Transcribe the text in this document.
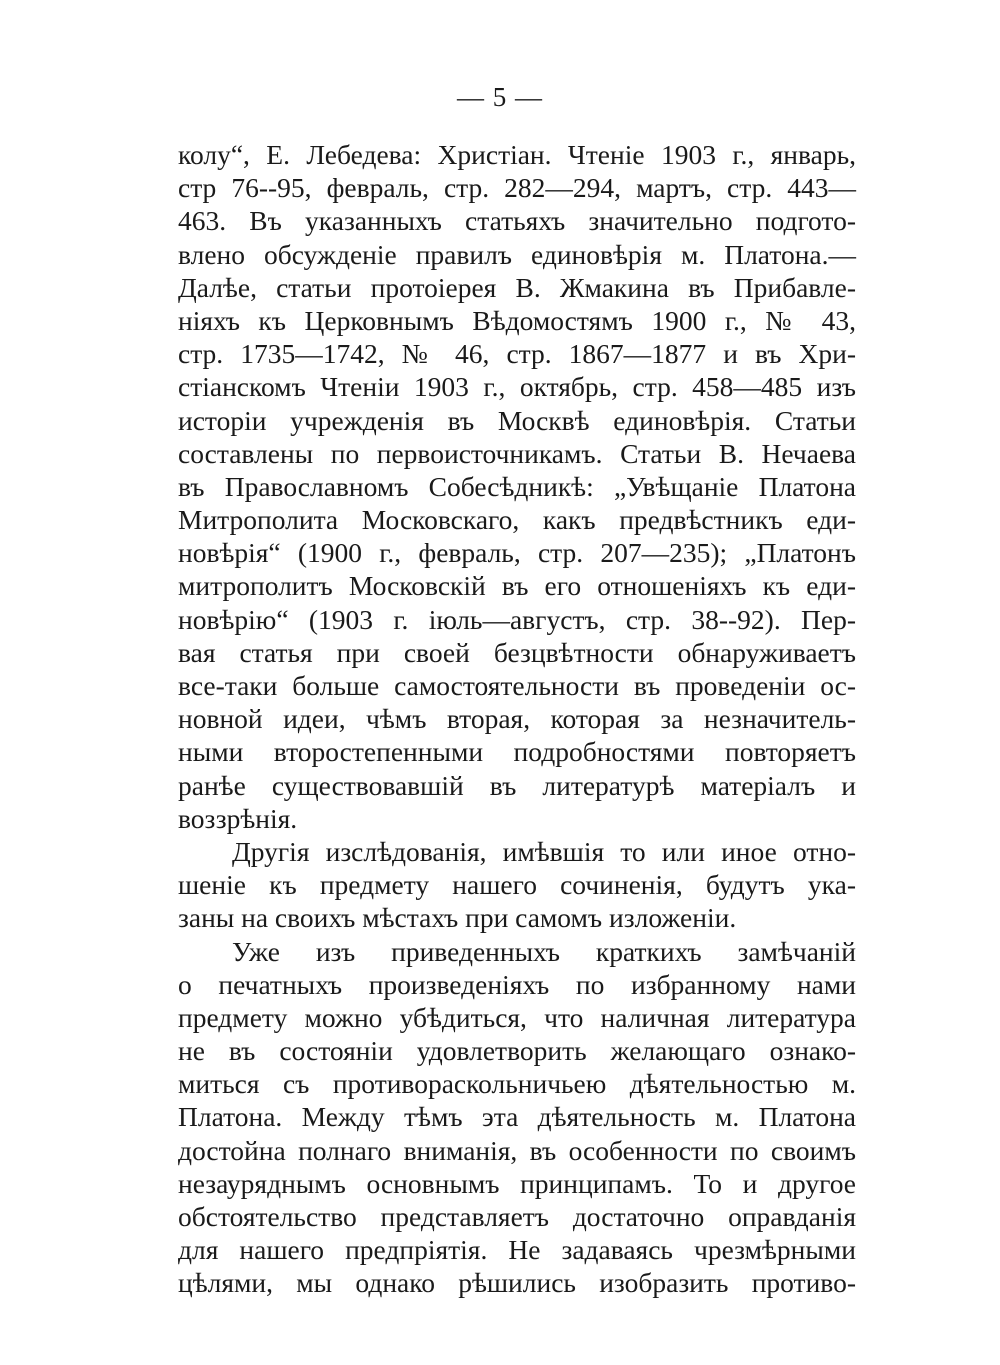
— 5 —
колу“, Е. Лебедева: Христіан. Чтеніе 1903 г., январь,
стр 76--95, февраль, стр. 282—294, мартъ, стр. 443—
463. Въ указанныхъ статьяхъ значительно подгото-
влено обсужденіе правилъ единовѣрія м. Платона.—
Далѣе, статьи протоіерея В. Жмакина въ Прибавле-
ніяхъ къ Церковнымъ Вѣдомостямъ 1900 г., № 43,
стр. 1735—1742, № 46, стр. 1867—1877 и въ Хри-
стіанскомъ Чтеніи 1903 г., октябрь, стр. 458—485 изъ
исторіи учрежденія въ Москвѣ единовѣрія. Статьи
составлены по первоисточникамъ. Статьи В. Нечаева
въ Православномъ Собесѣдникѣ: „Увѣщаніе Платона
Митрополита Московскаго, какъ предвѣстникъ еди-
новѣрія“ (1900 г., февраль, стр. 207—235); „Платонъ
митрополитъ Московскій въ его отношеніяхъ къ еди-
новѣрію“ (1903 г. іюль—августъ, стр. 38--92). Пер-
вая статья при своей безцвѣтности обнаруживаетъ
все-таки больше самостоятельности въ проведеніи ос-
новной идеи, чѣмъ вторая, которая за незначитель-
ными второстепенными подробностями повторяетъ
ранѣе существовавшій въ литературѣ матеріалъ и
воззрѣнія.
Другія изслѣдованія, имѣвшія то или иное отно-
шеніе къ предмету нашего сочиненія, будутъ ука-
заны на своихъ мѣстахъ при самомъ изложеніи.
Уже изъ приведенныхъ краткихъ замѣчаній
о печатныхъ произведеніяхъ по избранному нами
предмету можно убѣдиться, что наличная литература
не въ состояніи удовлетворить желающаго ознако-
миться съ противораскольничьею дѣятельностью м.
Платона. Между тѣмъ эта дѣятельность м. Платона
достойна полнаго вниманія, въ особенности по своимъ
незауряднымъ основнымъ принципамъ. То и другое
обстоятельство представляетъ достаточно оправданія
для нашего предпріятія. Не задаваясь чрезмѣрными
цѣлями, мы однако рѣшились изобразить противо-
